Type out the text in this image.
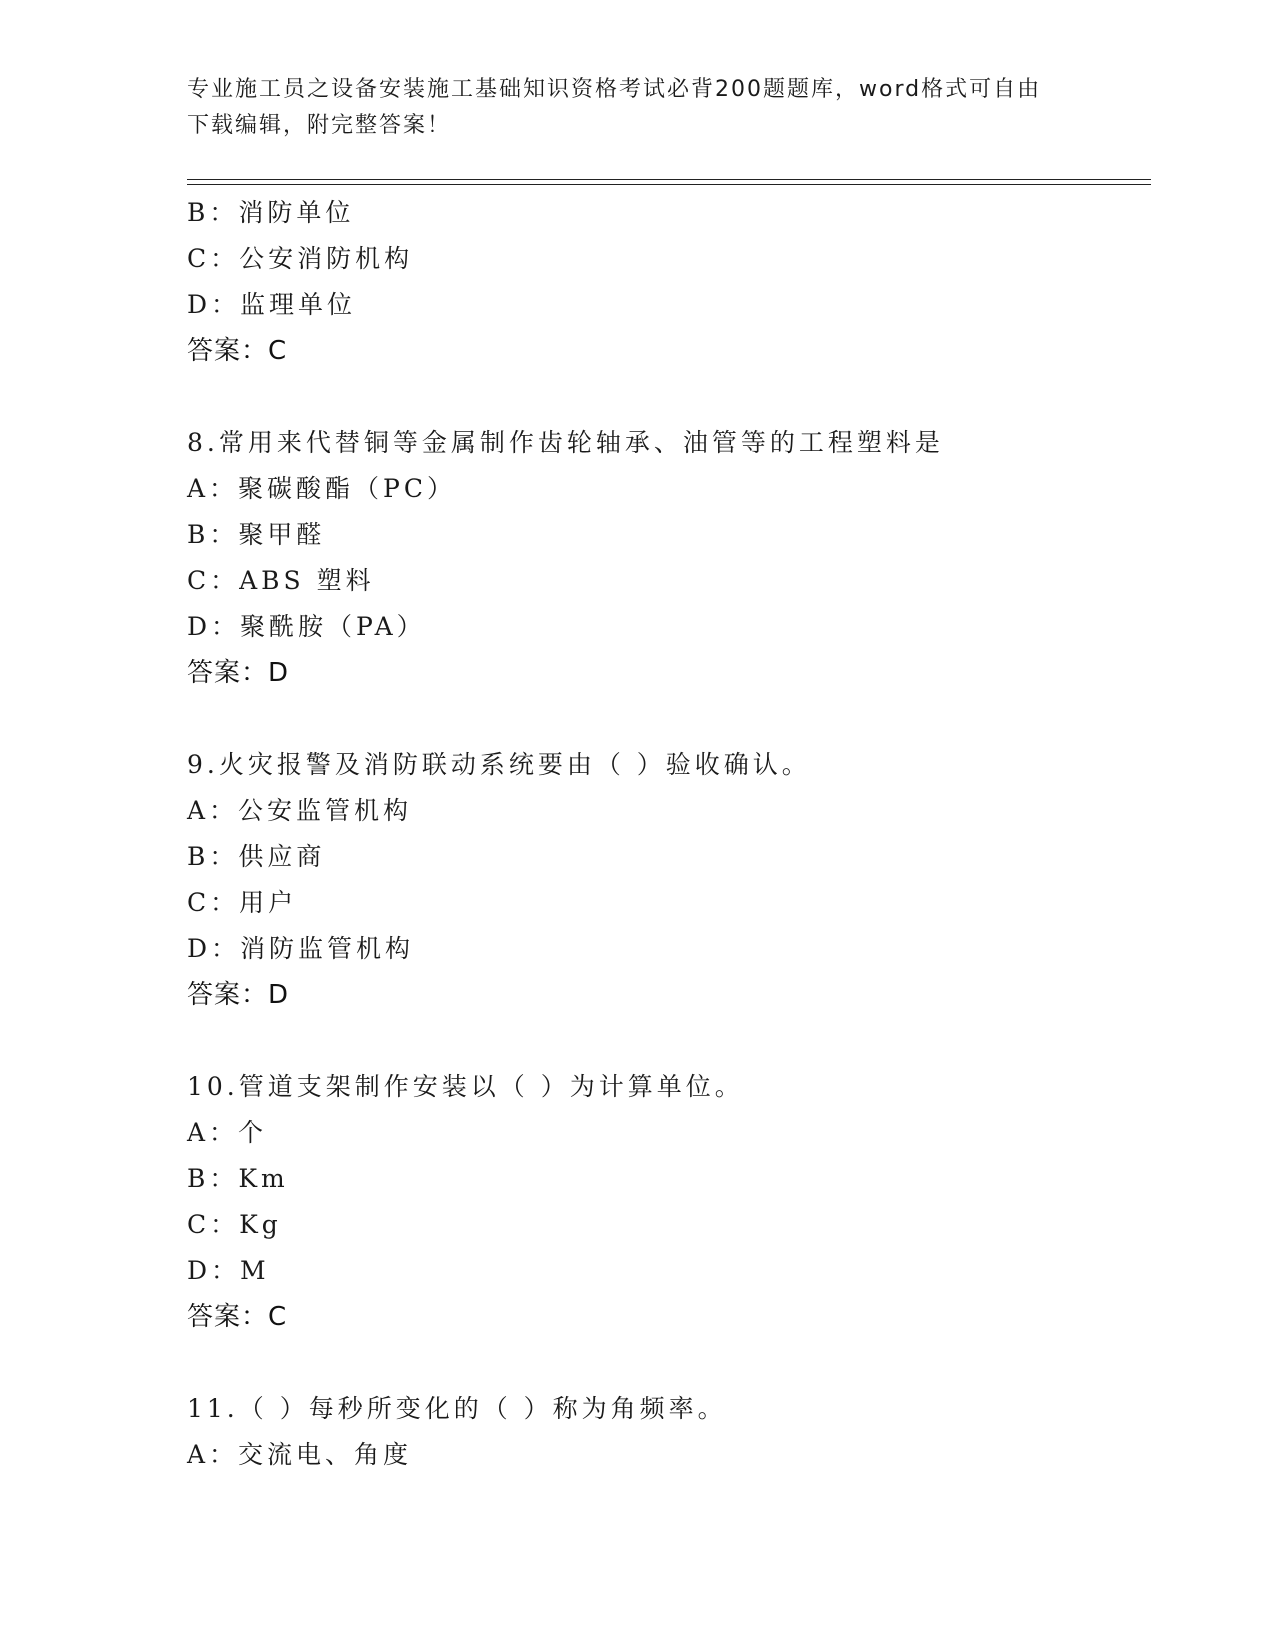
专业施工员之设备安装施工基础知识资格考试必背200题题库，word格式可自由
下载编辑，附完整答案！
B：消防单位
C：公安消防机构
D：监理单位
答案：C
8.常用来代替铜等金属制作齿轮轴承、油管等的工程塑料是
A：聚碳酸酯（PC）
B：聚甲醛
C：ABS 塑料
D：聚酰胺（PA）
答案：D
9.火灾报警及消防联动系统要由（ ）验收确认。
A：公安监管机构
B：供应商
C：用户
D：消防监管机构
答案：D
10.管道支架制作安装以（ ）为计算单位。
A：个
B：Km
C：Kg
D：M
答案：C
11.（ ）每秒所变化的（ ）称为角频率。
A：交流电、角度
